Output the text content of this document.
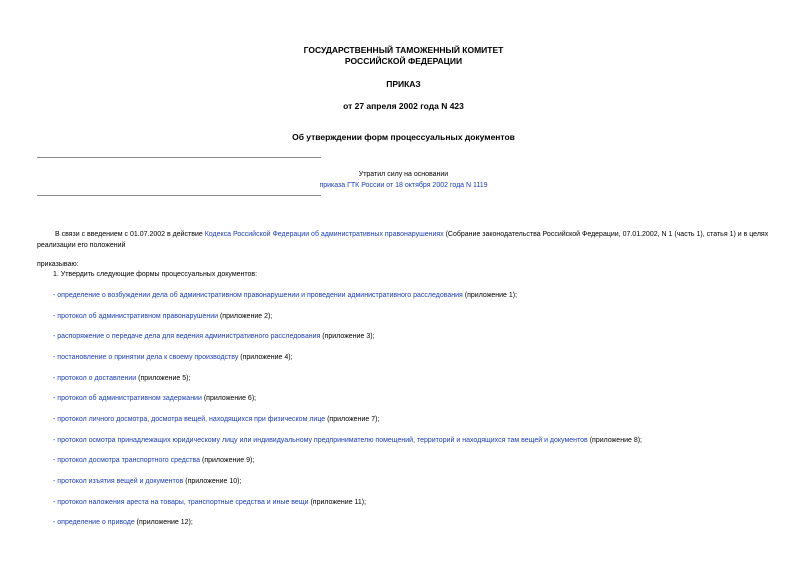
ГОСУДАРСТВЕННЫЙ ТАМОЖЕННЫЙ КОМИТЕТ
РОССИЙСКОЙ ФЕДЕРАЦИИ
ПРИКАЗ
от 27 апреля 2002 года N 423
Об утверждении форм процессуальных документов
Утратил силу на основании
приказа ГТК России от 18 октября 2002 года N 1119
В связи с введением с 01.07.2002 в действие Кодекса Российской Федерации об административных правонарушениях (Собрание законодательства Российской Федерации, 07.01.2002, N 1 (часть 1), статья 1) и в целях реализации его положений
приказываю:
1. Утвердить следующие формы процессуальных документов:
- определение о возбуждении дела об административном правонарушении и проведении административного расследования (приложение 1);
- протокол об административном правонарушении (приложение 2);
- распоряжение о передаче дела для ведения административного расследования (приложение 3);
- постановление о принятии дела к своему производству (приложение 4);
- протокол о доставлении (приложение 5);
- протокол об административном задержании (приложение 6);
- протокол личного досмотра, досмотра вещей, находящихся при физическом лице (приложение 7);
- протокол осмотра принадлежащих юридическому лицу или индивидуальному предпринимателю помещений, территорий и находящихся там вещей и документов (приложение 8);
- протокол досмотра транспортного средства (приложение 9);
- протокол изъятия вещей и документов (приложение 10);
- протокол наложения ареста на товары, транспортные средства и иные вещи (приложение 11);
- определение о приводе (приложение 12);
